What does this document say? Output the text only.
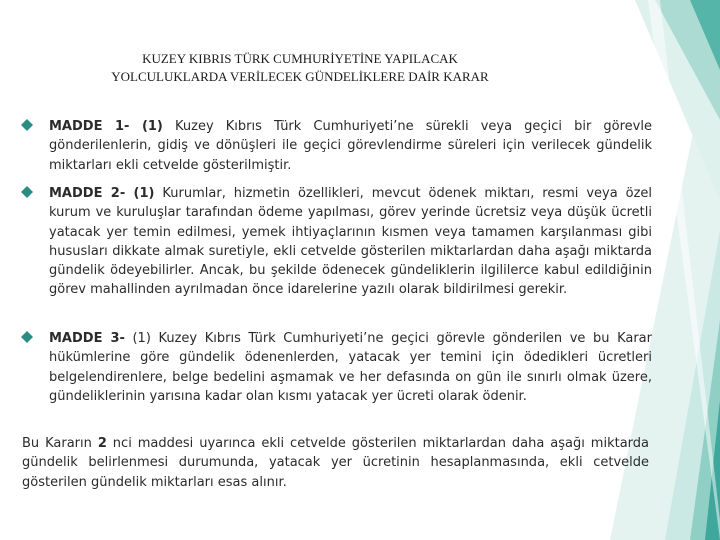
KUZEY KIBRIS TÜRK CUMHURİYETİNE YAPILACAK
YOLCULUKLARDA VERİLECEK GÜNDELİKLERE DAİR KARAR
MADDE 1- (1) Kuzey Kıbrıs Türk Cumhuriyeti’ne sürekli veya geçici bir görevle gönderilenlerin, gidiş ve dönüşleri ile geçici görevlendirme süreleri için verilecek gündelik miktarları ekli cetvelde gösterilmiştir.
MADDE 2- (1) Kurumlar, hizmetin özellikleri, mevcut ödenek miktarı, resmi veya özel kurum ve kuruluşlar tarafından ödeme yapılması, görev yerinde ücretsiz veya düşük ücretli yatacak yer temin edilmesi, yemek ihtiyaçlarının kısmen veya tamamen karşılanması gibi hususları dikkate almak suretiyle, ekli cetvelde gösterilen miktarlardan daha aşağı miktarda gündelik ödeyebilirler. Ancak, bu şekilde ödenecek gündeliklerin ilgililerce kabul edildiğinin görev mahallinden ayrılmadan önce idarelerine yazılı olarak bildirilmesi gerekir.
MADDE 3- (1) Kuzey Kıbrıs Türk Cumhuriyeti’ne geçici görevle gönderilen ve bu Karar hükümlerine göre gündelik ödenenlerden, yatacak yer temini için ödedikleri ücretleri belgelendirenlere, belge bedelini aşmamak ve her defasında on gün ile sınırlı olmak üzere, gündeliklerinin yarısına kadar olan kısmı yatacak yer ücreti olarak ödenir.
Bu Kararın 2 nci maddesi uyarınca ekli cetvelde gösterilen miktarlardan daha aşağı miktarda gündelik belirlenmesi durumunda, yatacak yer ücretinin hesaplanmasında, ekli cetvelde gösterilen gündelik miktarları esas alınır.
